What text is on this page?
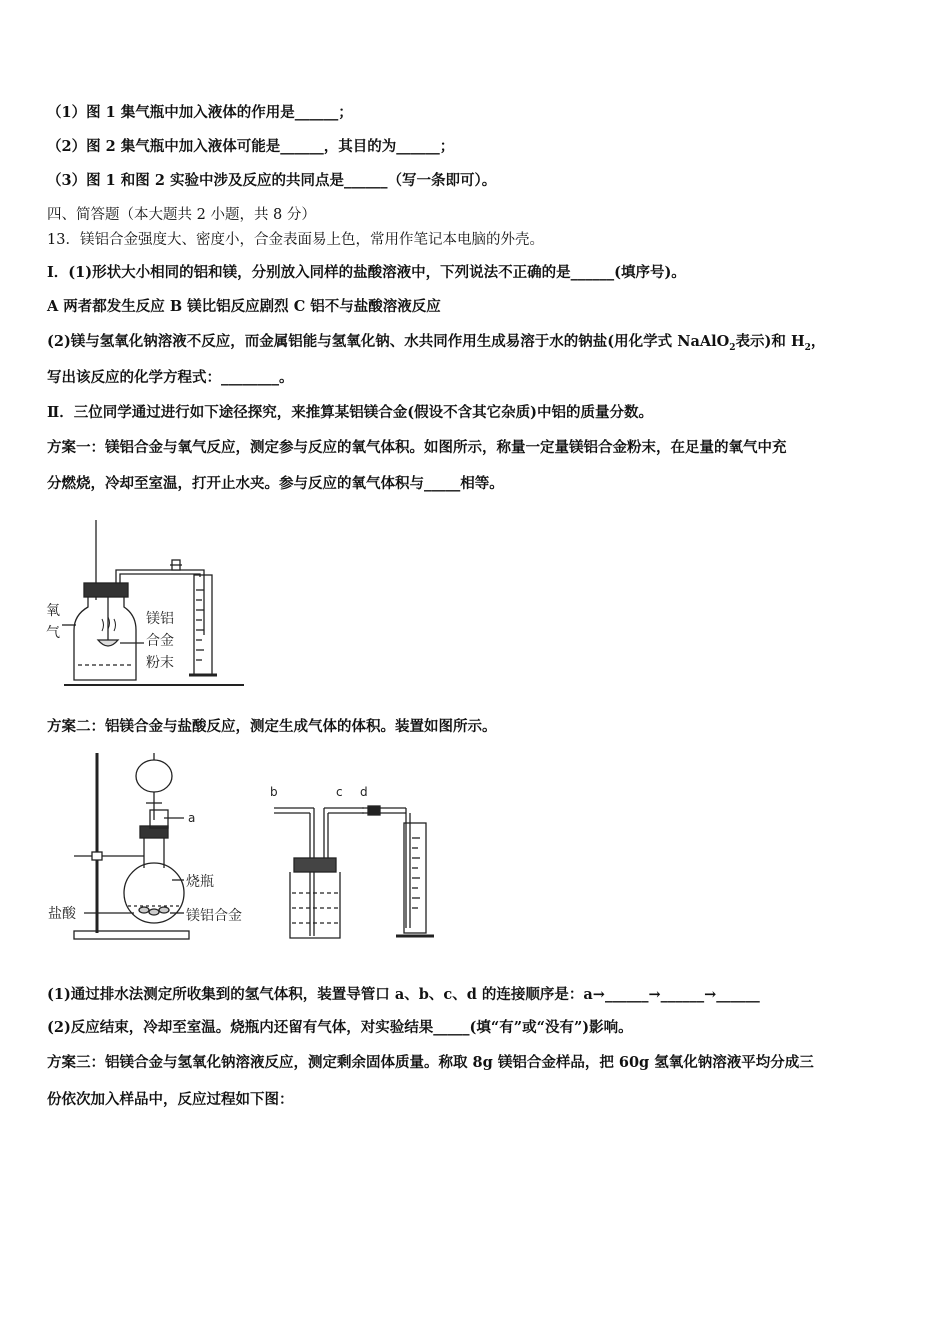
（1）图 1 集气瓶中加入液体的作用是______；
（2）图 2 集气瓶中加入液体可能是______，其目的为______；
（3）图 1 和图 2 实验中涉及反应的共同点是______（写一条即可）。
四、简答题（本大题共 2 小题，共 8 分）
13．镁铝合金强度大、密度小，合金表面易上色，常用作笔记本电脑的外壳。
Ⅰ．(1)形状大小相同的铝和镁，分别放入同样的盐酸溶液中，下列说法不正确的是______(填序号)。
A 两者都发生反应 B 镁比铝反应剧烈 C 铝不与盐酸溶液反应
(2)镁与氢氧化钠溶液不反应，而金属铝能与氢氧化钠、水共同作用生成易溶于水的钠盐(用化学式 NaAlO$_2$表示)和 $H_2$，
写出该反应的化学方程式：________。
Ⅱ．三位同学通过进行如下途径探究，来推算某铝镁合金(假设不含其它杂质)中铝的质量分数。
方案一：镁铝合金与氧气反应，测定参与反应的氧气体积。如图所示，称量一定量镁铝合金粉末，在足量的氧气中充
分燃烧，冷却至室温，打开止水夹。参与反应的氧气体积与_____相等。
氧
气
镁铝
合金
粉末
方案二：铝镁合金与盐酸反应，测定生成气体的体积。装置如图所示。
a
烧瓶
盐酸	镁铝合金
b	c d
(1)通过排水法测定所收集到的氢气体积，装置导管口 a、b、c、d 的连接顺序是：a→______→______→______
(2)反应结束，冷却至室温。烧瓶内还留有气体，对实验结果_____(填“有”或“没有”)影响。
方案三：铝镁合金与氢氧化钠溶液反应，测定剩余固体质量。称取 8g 镁铝合金样品，把 60g 氢氧化钠溶液平均分成三
份依次加入样品中，反应过程如下图：
